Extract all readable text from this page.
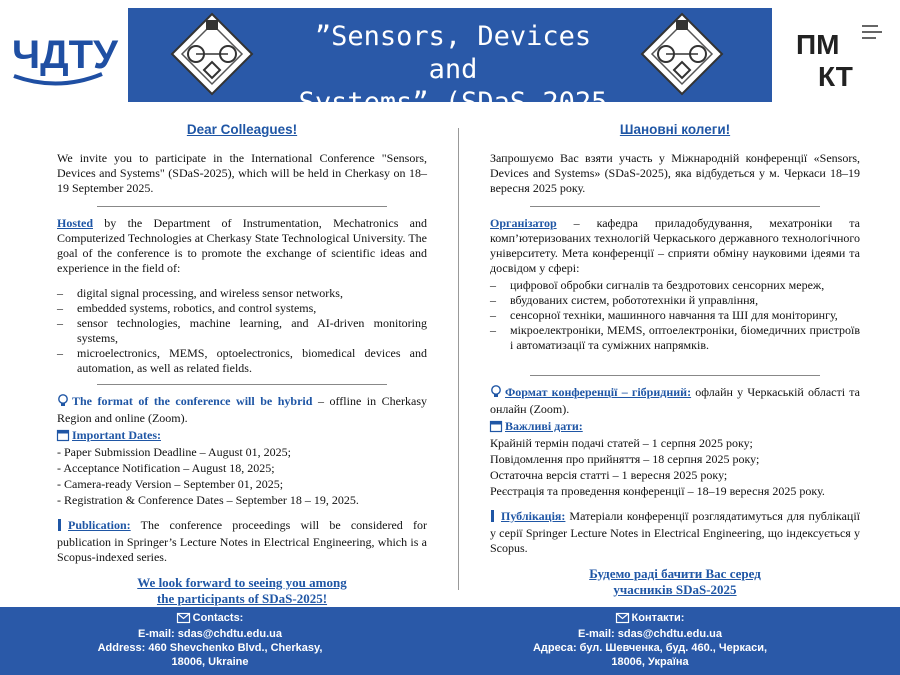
ЧДТУ	”Sensors, Devices and
Systems” (SDaS-2025
ПМ
КТ
Dear Colleagues!

We invite you to participate in the International Conference "Sensors, Devices and Systems" (SDaS-2025), which will be held in Cherkasy on 18–19 September 2025.

Hosted by the Department of Instrumentation, Mechatronics and Computerized Technologies at Cherkasy State Technological University. The goal of the conference is to promote the exchange of scientific ideas and experience in the field of:

– digital signal processing, and wireless sensor networks,
– embedded systems, robotics, and control systems,
– sensor technologies, machine learning, and AI-driven monitoring systems,
– microelectronics, MEMS, optoelectronics, biomedical devices and automation, as well as related fields.

The format of the conference will be hybrid – offline in Cherkasy Region and online (Zoom).

Important Dates:
- Paper Submission Deadline – August 01, 2025;
- Acceptance Notification – August 18, 2025;
- Camera-ready Version – September 01, 2025;
- Registration & Conference Dates – September 18 – 19, 2025.

Publication: The conference proceedings will be considered for publication in Springer’s Lecture Notes in Electrical Engineering, which is a Scopus-indexed series.

We look forward to seeing you among
the participants of SDaS-2025!
Шановні колеги!

Запрошуємо Вас взяти участь у Міжнародній конференції «Sensors, Devices and Systems» (SDaS-2025), яка відбудеться у м. Черкаси 18–19 вересня 2025 року.

Організатор – кафедра приладобудування, мехатроніки та комп’ютеризованих технологій Черкаського державного технологічного університету. Мета конференції – сприяти обміну науковими ідеями та досвідом у сфері:

– цифрової обробки сигналів та бездротових сенсорних мереж,
– вбудованих систем, робототехніки й управління,
– сенсорної техніки, машинного навчання та ШІ для моніторингу,
– мікроелектроніки, MEMS, оптоелектроніки, біомедичних пристроїв і автоматизації та суміжних напрямків.

Формат конференції – гібридний: офлайн у Черкаській області та онлайн (Zoom).

Важливі дати:
Крайній термін подачі статей – 1 серпня 2025 року;
Повідомлення про прийняття – 18 серпня 2025 року;
Остаточна версія статті – 1 вересня 2025 року;
Реєстрація та проведення конференції – 18–19 вересня 2025 року.

Публікація: Матеріали конференції розглядатимуться для публікації у серії Springer Lecture Notes in Electrical Engineering, що індексується у Scopus.

Будемо раді бачити Вас серед
учасників SDaS-2025
Contacts:
E-mail: sdas@chdtu.edu.ua
Address: 460 Shevchenko Blvd., Cherkasy,
18006, Ukraine
Контакти:
E-mail: sdas@chdtu.edu.ua
Адреса: бул. Шевченка, буд. 460., Черкаси,
18006, Україна
